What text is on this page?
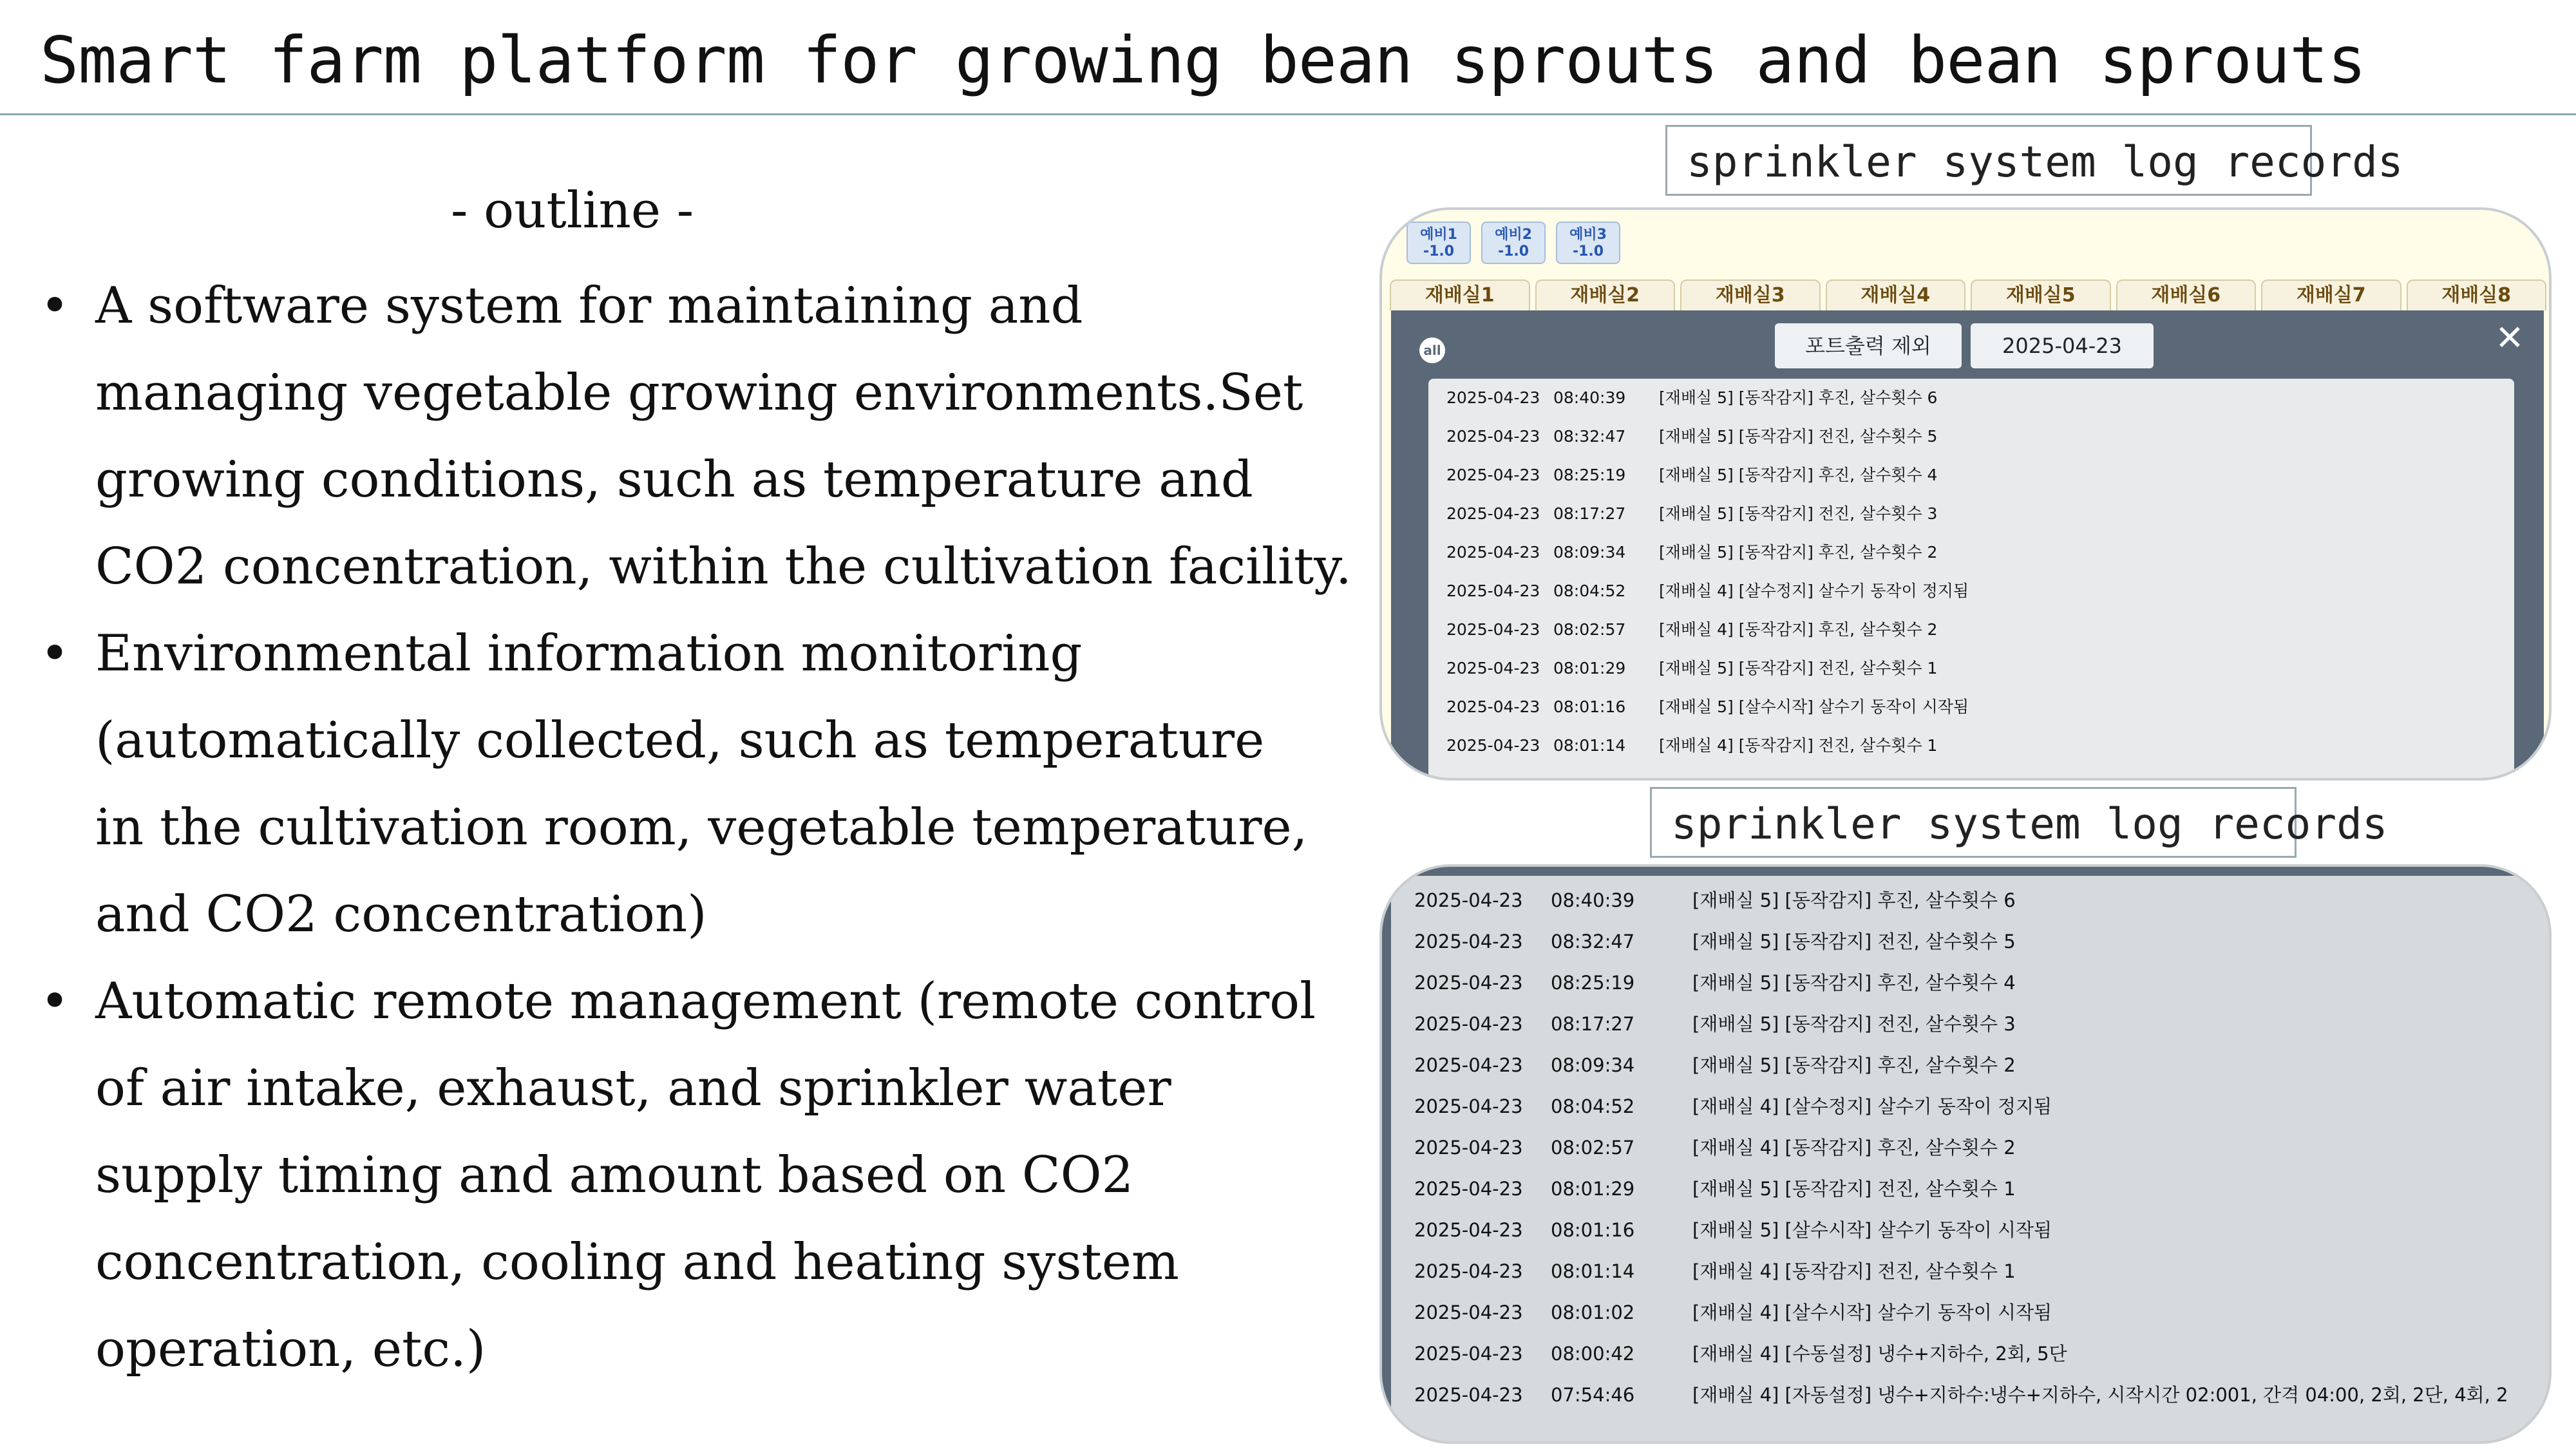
Smart farm platform for growing bean sprouts and bean sprouts
- outline -
• A software system for maintaining and
managing vegetable growing environments.Set
growing conditions, such as temperature and
CO2 concentration, within the cultivation facility.
• Environmental information monitoring
(automatically collected, such as temperature
in the cultivation room, vegetable temperature,
and CO2 concentration)
• Automatic remote management (remote control
of air intake, exhaust, and sprinkler water
supply timing and amount based on CO2
concentration, cooling and heating system
operation, etc.)
sprinkler system log records
sprinkler system log records
예비1
-1.0
예비2
-1.0
예비3
-1.0
재배실1	재배실2	재배실3	재배실4	재배실5	재배실6	재배실7	재배실8
all	포트출력 제외	2025-04-23	✕
2025-04-23 08:40:39 [재배실 5] [동작감지] 후진, 살수횟수 6
2025-04-23 08:32:47 [재배실 5] [동작감지] 전진, 살수횟수 5
2025-04-23 08:25:19 [재배실 5] [동작감지] 후진, 살수횟수 4
2025-04-23 08:17:27 [재배실 5] [동작감지] 전진, 살수횟수 3
2025-04-23 08:09:34 [재배실 5] [동작감지] 후진, 살수횟수 2
2025-04-23 08:04:52 [재배실 4] [살수정지] 살수기 동작이 정지됨
2025-04-23 08:02:57 [재배실 4] [동작감지] 후진, 살수횟수 2
2025-04-23 08:01:29 [재배실 5] [동작감지] 전진, 살수횟수 1
2025-04-23 08:01:16 [재배실 5] [살수시작] 살수기 동작이 시작됨
2025-04-23 08:01:14 [재배실 4] [동작감지] 전진, 살수횟수 1
2025-04-23 08:40:39	[재배실 5] [동작감지] 후진, 살수횟수 6
2025-04-23 08:32:47	[재배실 5] [동작감지] 전진, 살수횟수 5
2025-04-23 08:25:19	[재배실 5] [동작감지] 후진, 살수횟수 4
2025-04-23 08:17:27	[재배실 5] [동작감지] 전진, 살수횟수 3
2025-04-23 08:09:34	[재배실 5] [동작감지] 후진, 살수횟수 2
2025-04-23 08:04:52	[재배실 4] [살수정지] 살수기 동작이 정지됨
2025-04-23 08:02:57	[재배실 4] [동작감지] 후진, 살수횟수 2
2025-04-23 08:01:29	[재배실 5] [동작감지] 전진, 살수횟수 1
2025-04-23 08:01:16	[재배실 5] [살수시작] 살수기 동작이 시작됨
2025-04-23 08:01:14	[재배실 4] [동작감지] 전진, 살수횟수 1
2025-04-23 08:01:02	[재배실 4] [살수시작] 살수기 동작이 시작됨
2025-04-23 08:00:42	[재배실 4] [수동설정] 냉수+지하수, 2회, 5단
2025-04-23 07:54:46	[재배실 4] [자동설정] 냉수+지하수:냉수+지하수, 시작시간 02:001, 간격 04:00, 2회, 2단, 4회, 2
